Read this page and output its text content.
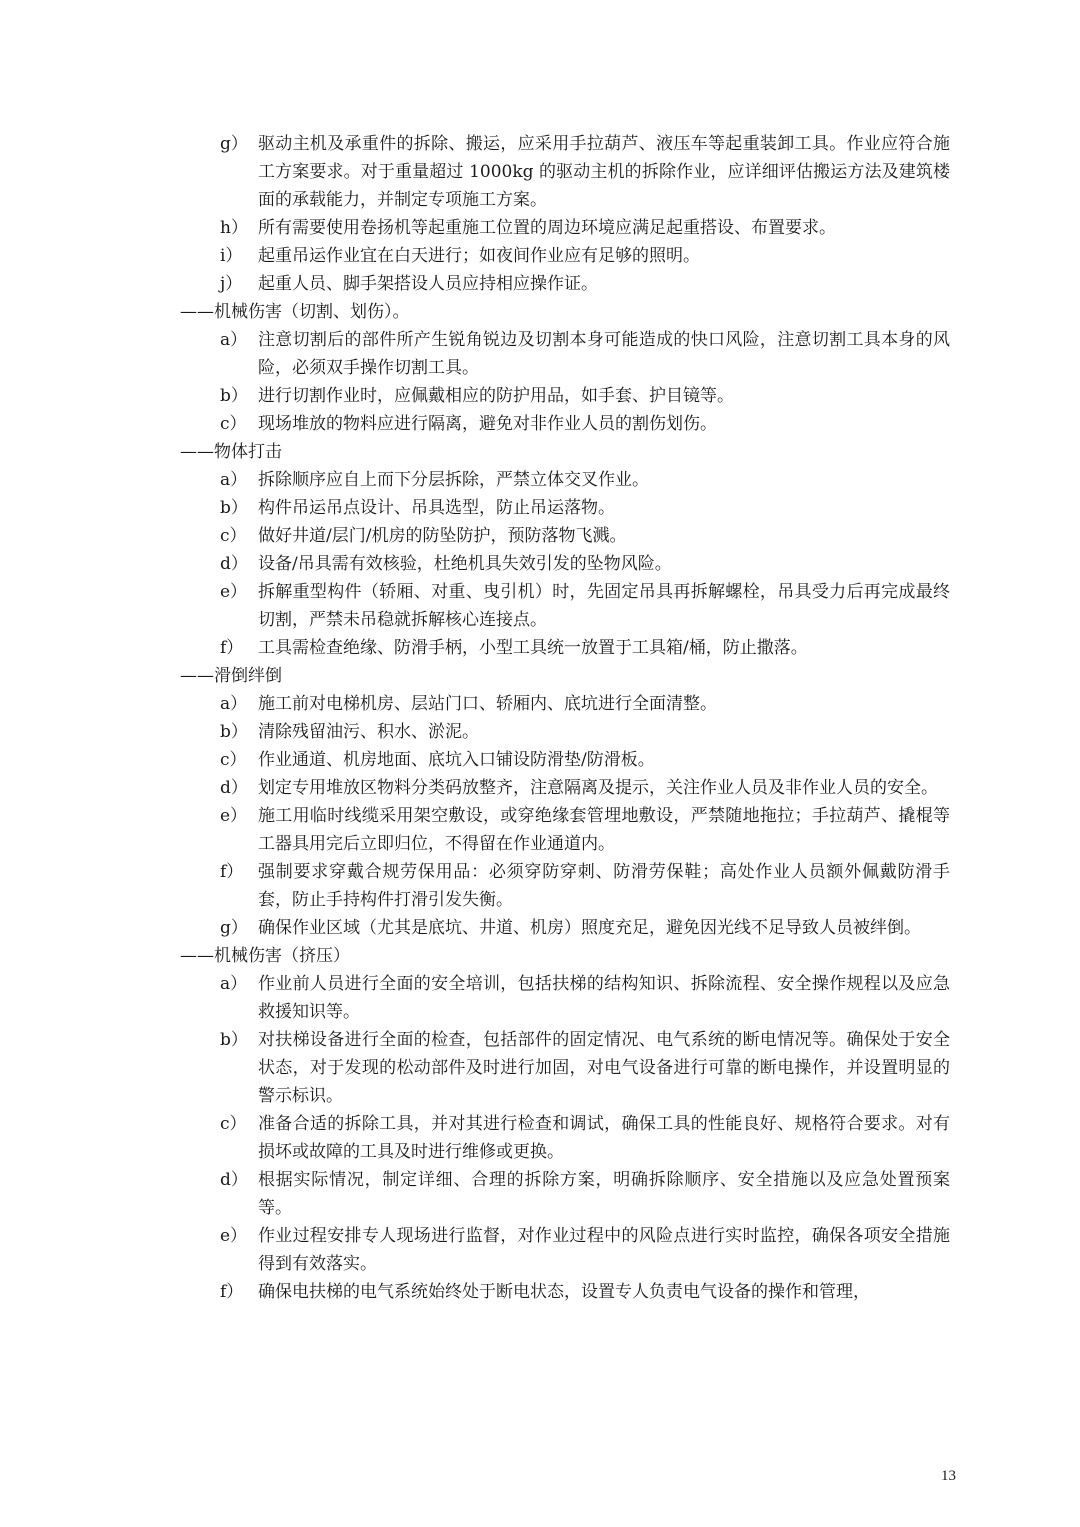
g） 驱动主机及承重件的拆除、搬运，应采用手拉葫芦、液压车等起重装卸工具。作业应符合施工方案要求。对于重量超过 1000kg 的驱动主机的拆除作业，应详细评估搬运方法及建筑楼面的承载能力，并制定专项施工方案。
h） 所有需要使用卷扬机等起重施工位置的周边环境应满足起重搭设、布置要求。
i） 起重吊运作业宜在白天进行；如夜间作业应有足够的照明。
j） 起重人员、脚手架搭设人员应持相应操作证。
——机械伤害（切割、划伤）。
a） 注意切割后的部件所产生锐角锐边及切割本身可能造成的快口风险，注意切割工具本身的风险，必须双手操作切割工具。
b） 进行切割作业时，应佩戴相应的防护用品，如手套、护目镜等。
c） 现场堆放的物料应进行隔离，避免对非作业人员的割伤划伤。
——物体打击
a） 拆除顺序应自上而下分层拆除，严禁立体交叉作业。
b） 构件吊运吊点设计、吊具选型，防止吊运落物。
c） 做好井道/层门/机房的防坠防护，预防落物飞溅。
d） 设备/吊具需有效核验，杜绝机具失效引发的坠物风险。
e） 拆解重型构件（轿厢、对重、曳引机）时，先固定吊具再拆解螺栓，吊具受力后再完成最终切割，严禁未吊稳就拆解核心连接点。
f） 工具需检查绝缘、防滑手柄，小型工具统一放置于工具箱/桶，防止撒落。
——滑倒绊倒
a） 施工前对电梯机房、层站门口、轿厢内、底坑进行全面清整。
b） 清除残留油污、积水、淤泥。
c） 作业通道、机房地面、底坑入口铺设防滑垫/防滑板。
d） 划定专用堆放区物料分类码放整齐，注意隔离及提示，关注作业人员及非作业人员的安全。
e） 施工用临时线缆采用架空敷设，或穿绝缘套管埋地敷设，严禁随地拖拉；手拉葫芦、撬棍等工器具用完后立即归位，不得留在作业通道内。
f） 强制要求穿戴合规劳保用品：必须穿防穿刺、防滑劳保鞋；高处作业人员额外佩戴防滑手套，防止手持构件打滑引发失衡。
g） 确保作业区域（尤其是底坑、井道、机房）照度充足，避免因光线不足导致人员被绊倒。
——机械伤害（挤压）
a） 作业前人员进行全面的安全培训，包括扶梯的结构知识、拆除流程、安全操作规程以及应急救援知识等。
b） 对扶梯设备进行全面的检查，包括部件的固定情况、电气系统的断电情况等。确保处于安全状态，对于发现的松动部件及时进行加固，对电气设备进行可靠的断电操作，并设置明显的警示标识。
c） 准备合适的拆除工具，并对其进行检查和调试，确保工具的性能良好、规格符合要求。对有损坏或故障的工具及时进行维修或更换。
d） 根据实际情况，制定详细、合理的拆除方案，明确拆除顺序、安全措施以及应急处置预案等。
e） 作业过程安排专人现场进行监督，对作业过程中的风险点进行实时监控，确保各项安全措施得到有效落实。
f） 确保电扶梯的电气系统始终处于断电状态，设置专人负责电气设备的操作和管理，
13
